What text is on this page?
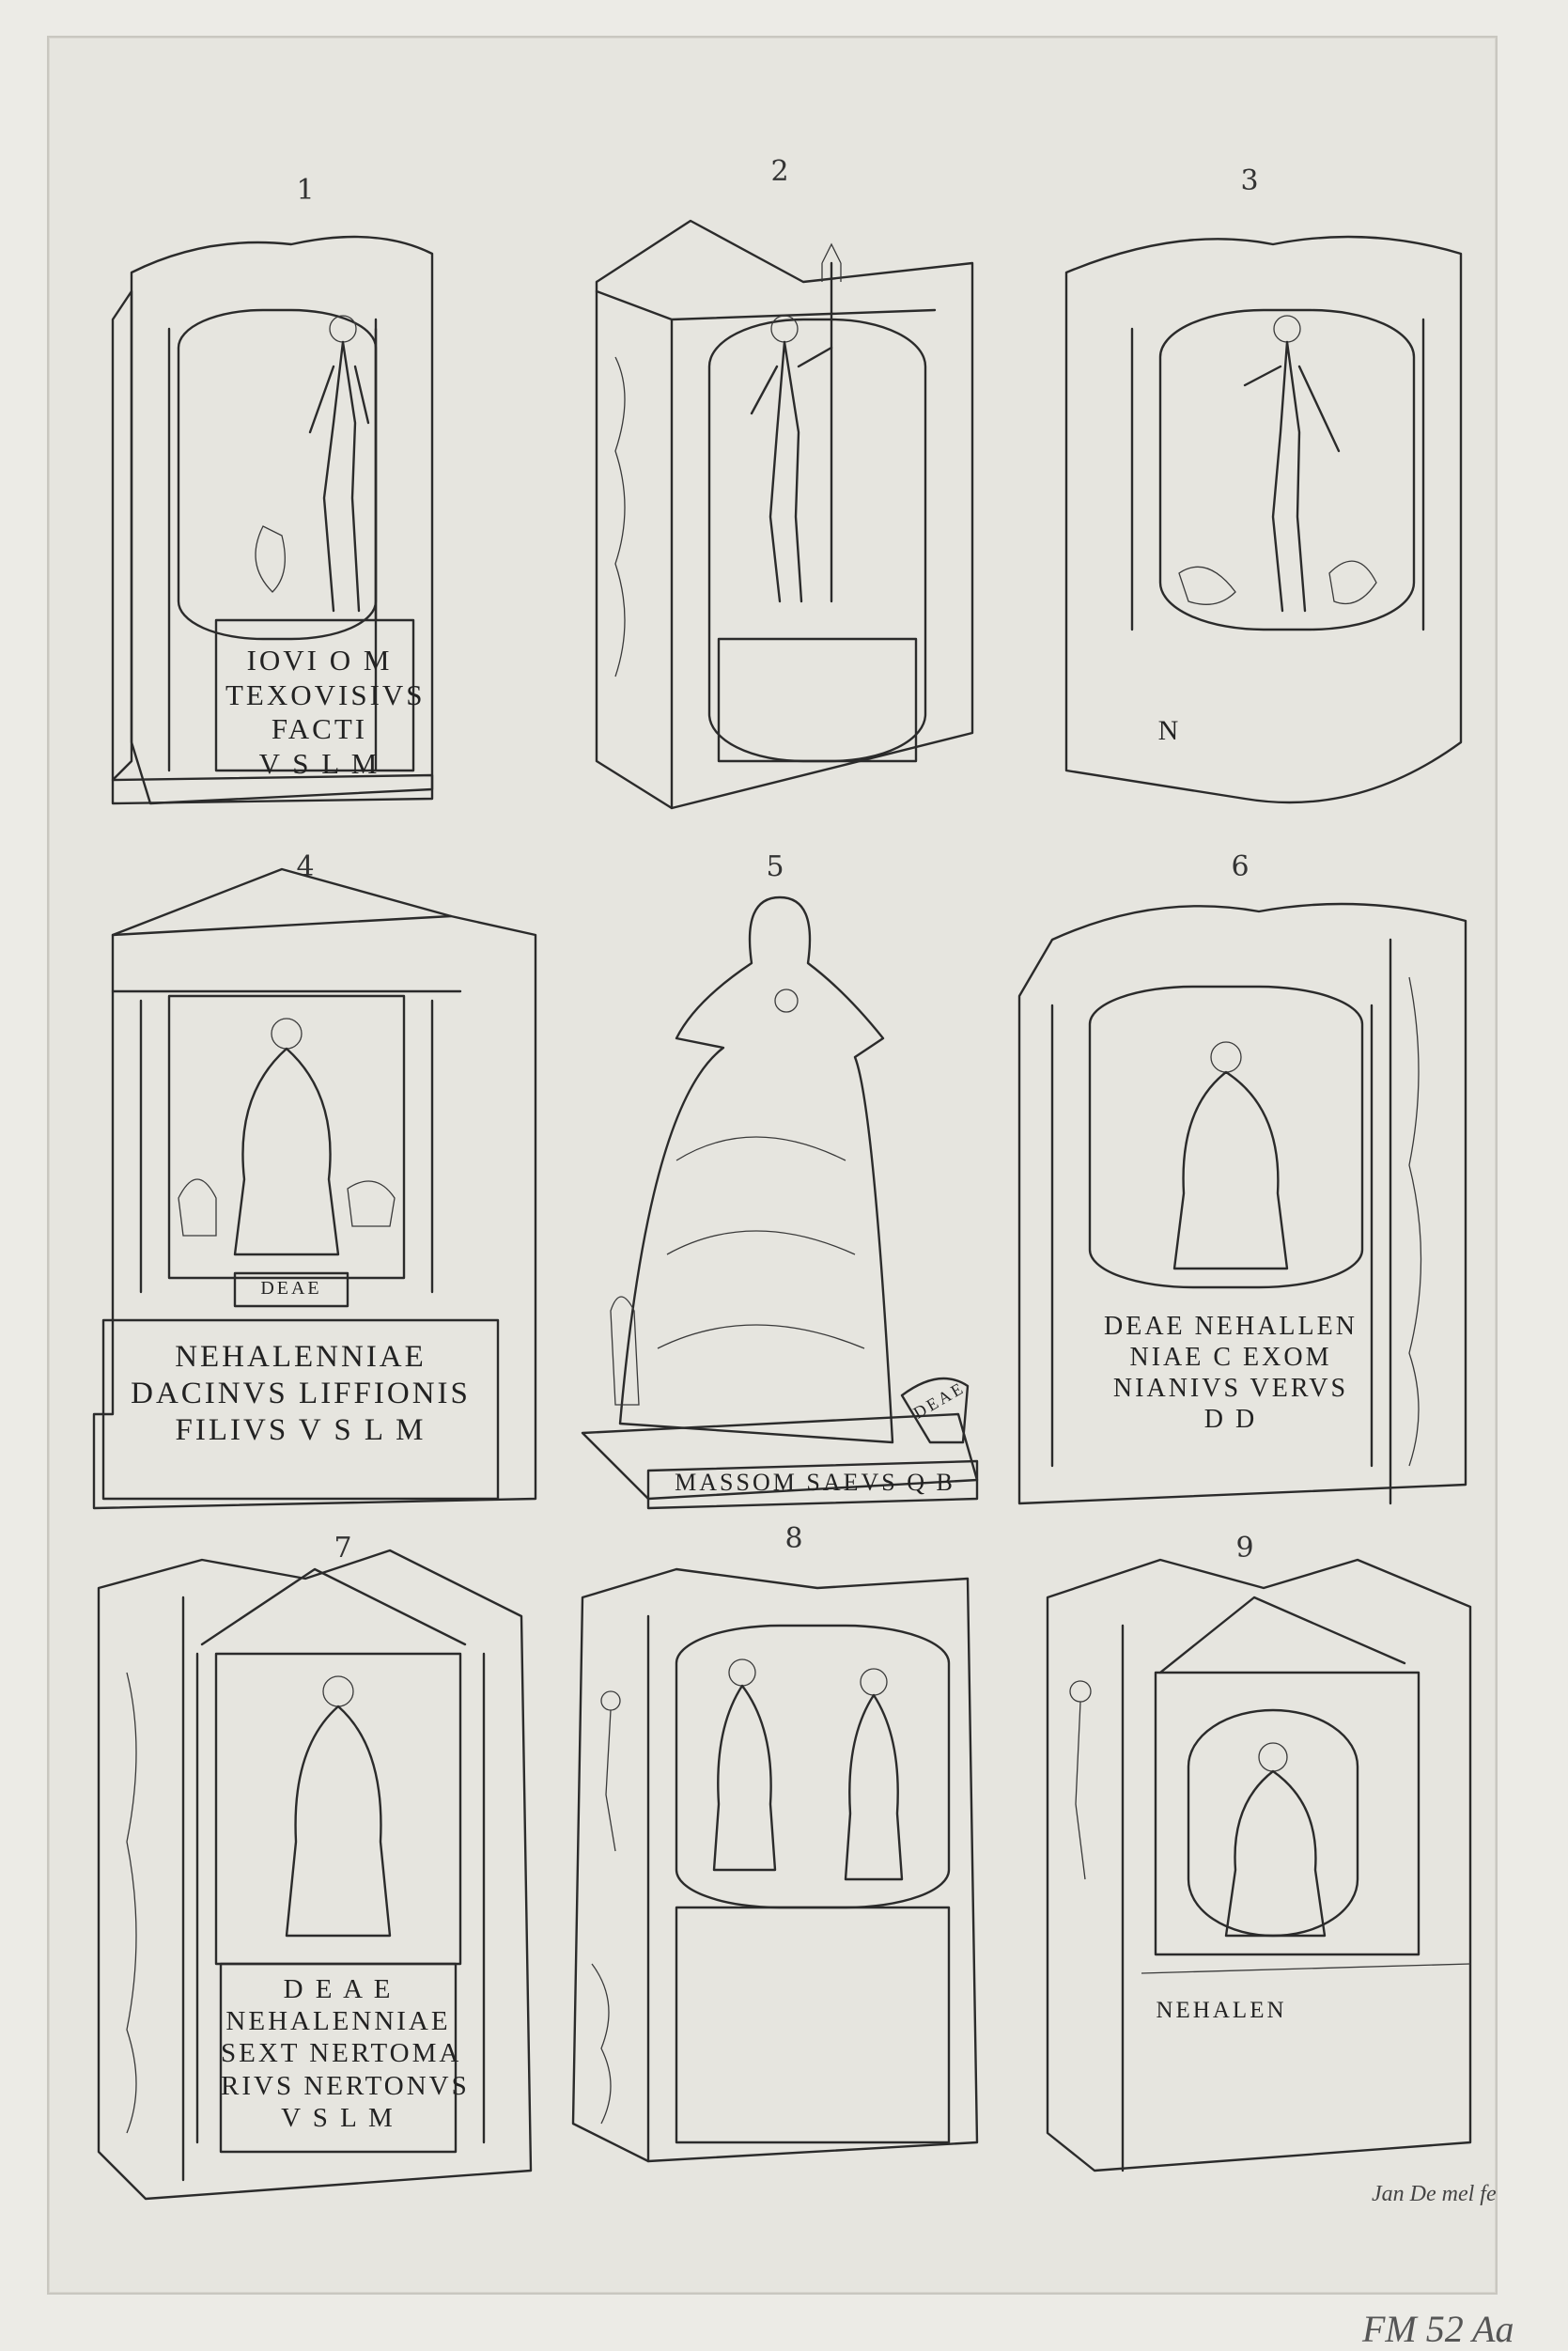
1
IOVI O M
TEXOVISIVS
FACTI
V S L M
2	3
N
4
DEAE
NEHALENNIAE
DACINVS LIFFIONIS
FILIVS V S L M
5
DEAE
MASSOM SAEVS Q B
6
DEAE NEHALLEN
NIAE C EXOM
NIANIVS VERVS
D D
7
D E A E
NEHALENNIAE
SEXT NERTOMA
RIVS NERTONVS
V S L M
8	9
NEHALEN
Jan De mel fe
FM 52 Aa
